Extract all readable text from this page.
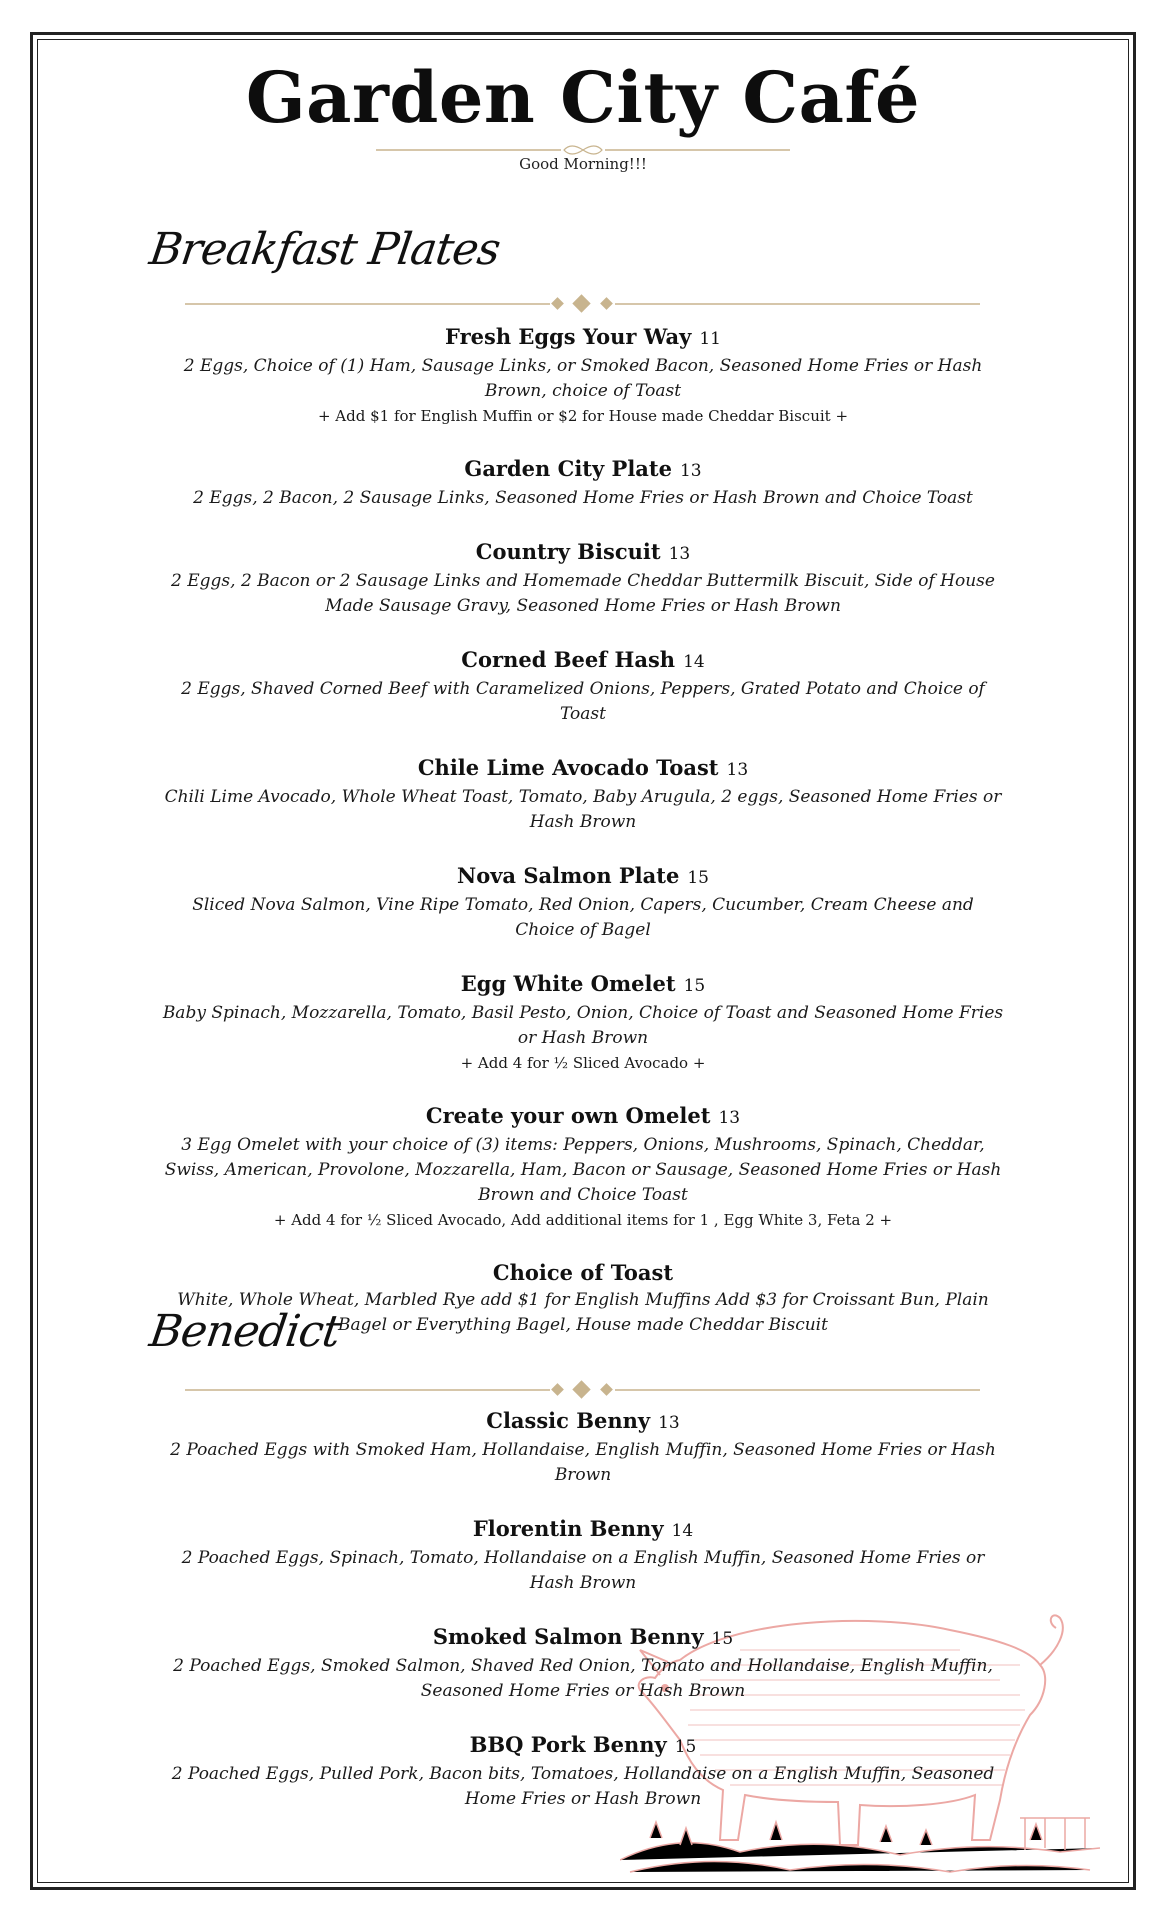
Garden City Café
Good Morning!!!
Breakfast Plates
Fresh Eggs Your Way 11
2 Eggs, Choice of (1) Ham, Sausage Links, or Smoked Bacon, Seasoned Home Fries or Hash Brown, choice of Toast
+ Add $1 for English Muffin or $2 for House made Cheddar Biscuit +
Garden City Plate 13
2 Eggs, 2 Bacon, 2 Sausage Links, Seasoned Home Fries or Hash Brown and Choice Toast
Country Biscuit 13
2 Eggs, 2 Bacon or 2 Sausage Links and Homemade Cheddar Buttermilk Biscuit, Side of House Made Sausage Gravy, Seasoned Home Fries or Hash Brown
Corned Beef Hash 14
2 Eggs, Shaved Corned Beef with Caramelized Onions, Peppers, Grated Potato and Choice of Toast
Chile Lime Avocado Toast 13
Chili Lime Avocado, Whole Wheat Toast, Tomato, Baby Arugula, 2 eggs, Seasoned Home Fries or Hash Brown
Nova Salmon Plate 15
Sliced Nova Salmon, Vine Ripe Tomato, Red Onion, Capers, Cucumber, Cream Cheese and Choice of Bagel
Egg White Omelet 15
Baby Spinach, Mozzarella, Tomato, Basil Pesto, Onion, Choice of Toast and Seasoned Home Fries or Hash Brown
+ Add 4 for ½ Sliced Avocado +
Create your own Omelet 13
3 Egg Omelet with your choice of (3) items: Peppers, Onions, Mushrooms, Spinach, Cheddar, Swiss, American, Provolone, Mozzarella, Ham, Bacon or Sausage, Seasoned Home Fries or Hash Brown and Choice Toast
+ Add 4 for ½ Sliced Avocado, Add additional items for 1 , Egg White 3, Feta 2 +
Choice of Toast
White, Whole Wheat, Marbled Rye add $1 for English Muffins Add $3 for Croissant Bun, Plain Bagel or Everything Bagel, House made Cheddar Biscuit
Benedict
Classic Benny 13
2 Poached Eggs with Smoked Ham, Hollandaise, English Muffin, Seasoned Home Fries or Hash Brown
Florentin Benny 14
2 Poached Eggs, Spinach, Tomato, Hollandaise on a English Muffin, Seasoned Home Fries or Hash Brown
Smoked Salmon Benny 15
2 Poached Eggs, Smoked Salmon, Shaved Red Onion, Tomato and Hollandaise, English Muffin, Seasoned Home Fries or Hash Brown
BBQ Pork Benny 15
2 Poached Eggs, Pulled Pork, Bacon bits, Tomatoes, Hollandaise on a English Muffin, Seasoned Home Fries or Hash Brown
